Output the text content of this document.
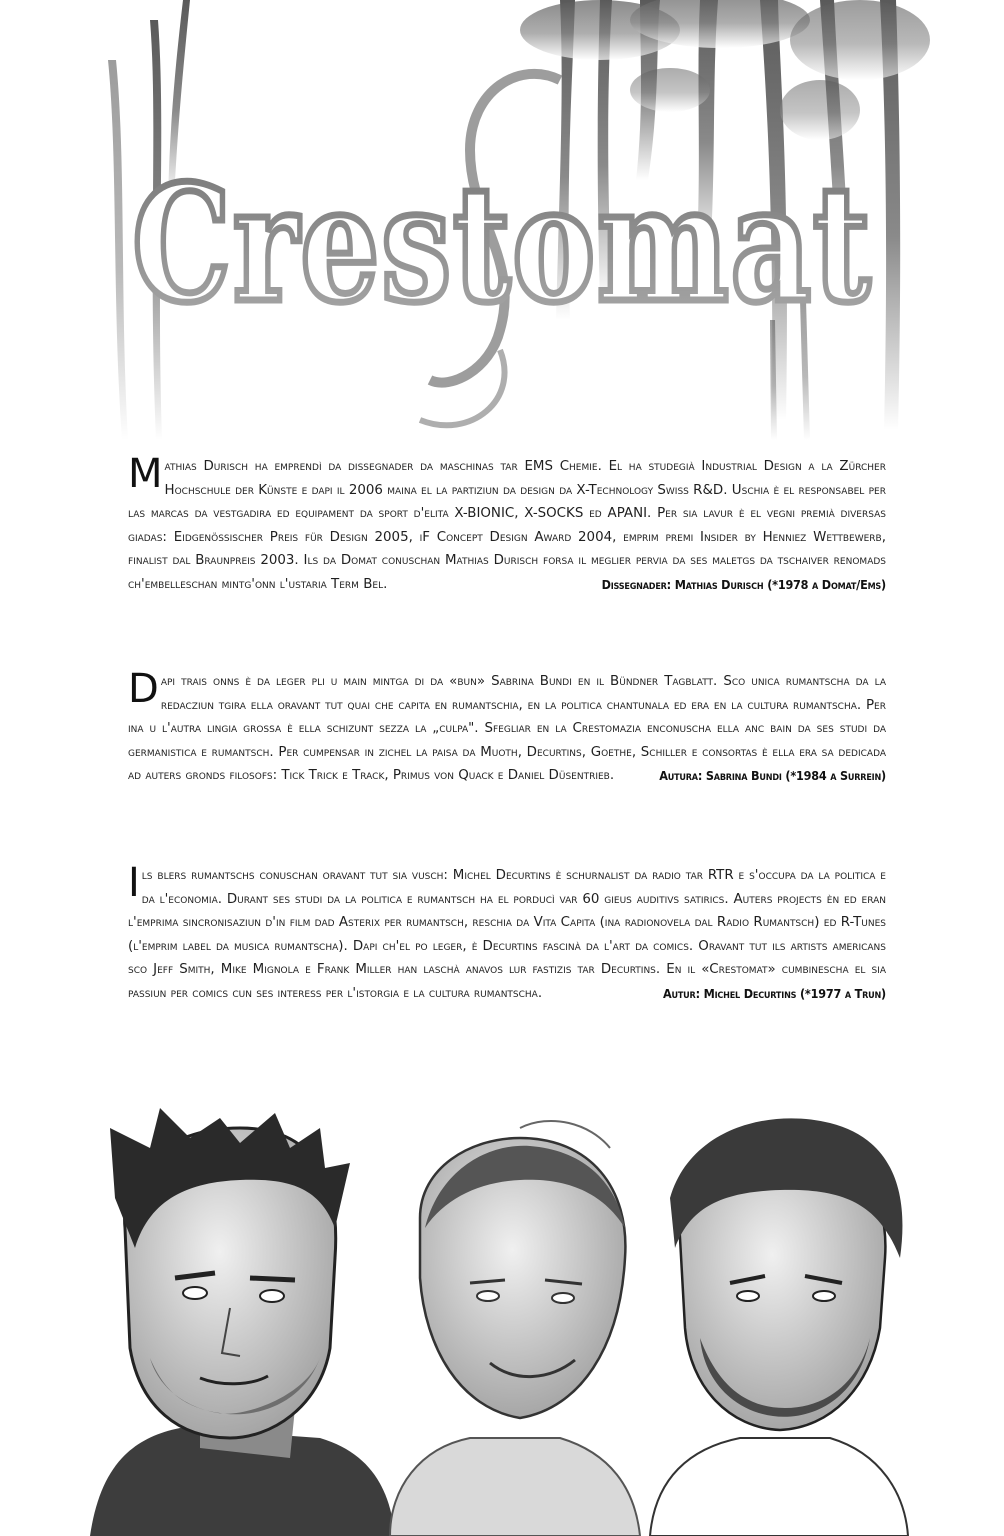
Crestomat
M athias Durisch ha emprendì da dissegnader da maschinas tar EMS Chemie. El ha studegià Industrial Design a la Zürcher Hochschule der Künste e dapi il 2006 maina el la partiziun da design da X-Technology Swiss R&D. Uschia è el responsabel per las marcas da vestgadira ed equipament da sport d'elita X-BIONIC, X-SOCKS ed APANI. Per sia lavur è el vegni premià diversas giadas: Eidgenössischer Preis für Design 2005, iF Concept Design Award 2004, emprim premi Insider by Henniez Wettbewerb, finalist dal Braunpreis 2003. Ils da Domat conuschan Mathias Durisch forsa il meglier pervia da ses maletgs da tschaiver renomads ch'embelleschan mintg'onn l'ustaria Term Bel.	Dissegnader: Mathias Durisch (*1978 a Domat/Ems)
D api trais onns è da leger pli u main mintga di da «bun» Sabrina Bundi en il Bündner Tagblatt. Sco unica rumantscha da la redacziun tgira ella oravant tut quai che capita en rumantschia, en la politica chantunala ed era en la cultura rumantscha. Per ina u l'autra lingia grossa è ella schizunt sezza la „culpa". Sfegliar en la Crestomazia enconuscha ella anc bain da ses studi da germanistica e rumantsch. Per cumpensar in zichel la paisa da Muoth, Decurtins, Goethe, Schiller e consortas è ella era sa dedicada ad auters gronds filosofs: Tick Trick e Track, Primus von Quack e Daniel Düsentrieb.	Autura: Sabrina Bundi (*1984 a Surrein)
I ls blers rumantschs conuschan oravant tut sia vusch: Michel Decurtins è schurnalist da radio tar RTR e s'occupa da la politica e da l'economia. Durant ses studi da la politica e rumantsch ha el porducì var 60 gieus auditivs satirics. Auters projects èn ed eran l'emprima sincronisaziun d'in film dad Asterix per rumantsch, reschia da Vita Capita (ina radionovela dal Radio Rumantsch) ed R-Tunes (l'emprim label da musica rumantscha). Dapi ch'el po leger, è Decurtins fascinà da l'art da comics. Oravant tut ils artists americans sco Jeff Smith, Mike Mignola e Frank Miller han laschà anavos lur fastizis tar Decurtins. En il «Crestomat» cumbinescha el sia passiun per comics cun ses interess per l'istorgia e la cultura rumantscha.	Autur: Michel Decurtins (*1977 a Trun)
